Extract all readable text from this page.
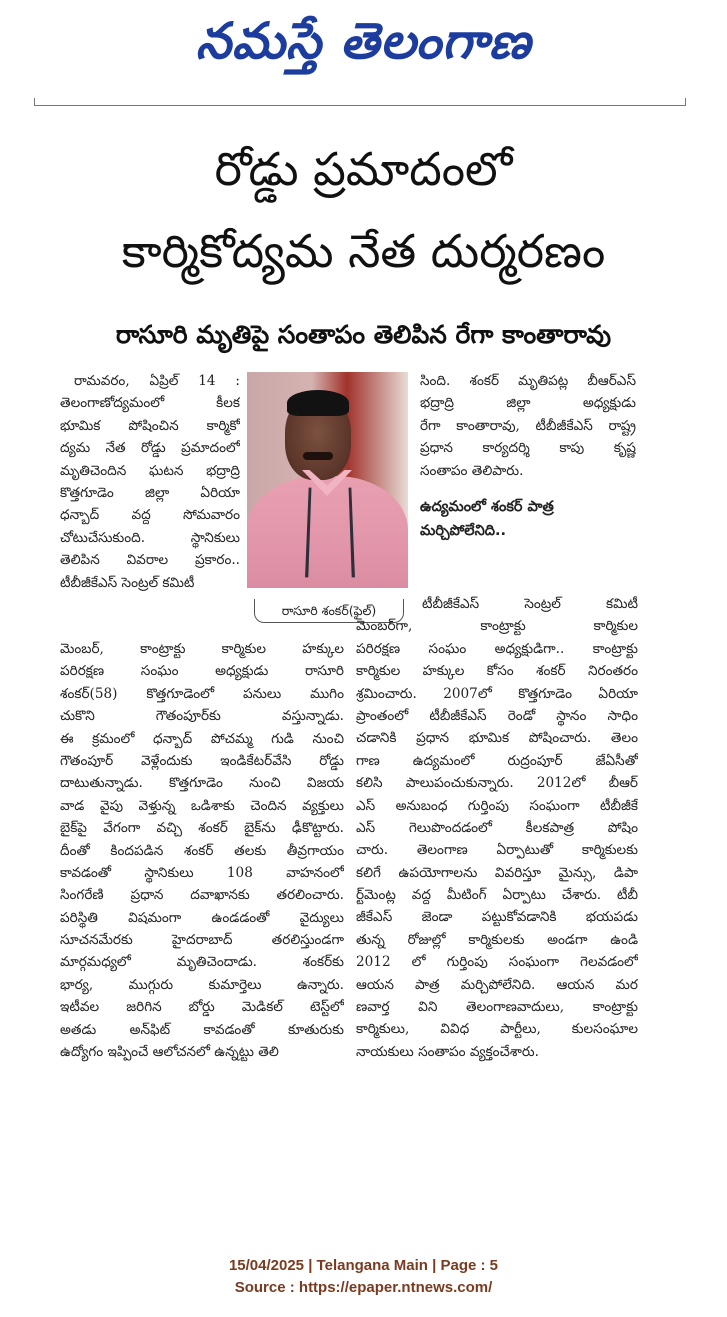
నమస్తే తెలంగాణ
రోడ్డు ప్రమాదంలో
కార్మికోద్యమ నేత దుర్మరణం
రాసూరి మృతిపై సంతాపం తెలిపిన రేగా కాంతారావు
రామవరం, ఏప్రిల్ 14 :
తెలంగాణోద్యమంలో కీలక
భూమిక పోషించిన కార్మికో
ద్యమ నేత రోడ్డు ప్రమాదంలో
మృతిచెందిన ఘటన భద్రాద్రి
కొత్తగూడెం జిల్లా ఏరియా
ధన్బాద్ వద్ద సోమవారం
చోటుచేసుకుంది. స్థానికులు
తెలిపిన వివరాల ప్రకారం..
టీబీజీకేఎస్ సెంట్రల్ కమిటీ
రాసూరి శంకర్(ఫైల్)
మెంబర్, కాంట్రాక్టు కార్మికుల హక్కుల
పరిరక్షణ సంఘం అధ్యక్షుడు రాసూరి
శంకర్(58) కొత్తగూడెంలో పనులు ముగిం
చుకొని గౌతంపూర్‌కు వస్తున్నాడు.
ఈ క్రమంలో ధన్బాద్ పోచమ్మ గుడి నుంచి
గౌతంపూర్ వెళ్లేందుకు ఇండికేటర్‌వేసి రోడ్డు
దాటుతున్నాడు. కొత్తగూడెం నుంచి విజయ
వాడ వైపు వెళ్తున్న ఒడిశాకు చెందిన వ్యక్తులు
బైక్‌పై వేగంగా వచ్చి శంకర్ బైక్‌ను ఢీకొట్టారు.
దీంతో కిందపడిన శంకర్ తలకు తీవ్రగాయం
కావడంతో స్థానికులు 108 వాహనంలో
సింగరేణి ప్రధాన దవాఖానకు తరలించారు.
పరిస్థితి విషమంగా ఉండడంతో వైద్యులు
సూచనమేరకు హైదరాబాద్ తరలిస్తుండగా
మార్గమధ్యలో మృతిచెందాడు. శంకర్‌కు
భార్య, ముగ్గురు కుమార్తెలు ఉన్నారు.
ఇటీవల జరిగిన బోర్డు మెడికల్ టెస్ట్‌లో
అతడు అన్‌ఫిట్ కావడంతో కూతురుకు
ఉద్యోగం ఇప్పించే ఆలోచనలో ఉన్నట్టు తెలి
సింది. శంకర్ మృతిపట్ల బీఆర్‌ఎస్
భద్రాద్రి జిల్లా అధ్యక్షుడు
రేగా కాంతారావు, టీబీజీకేఎస్ రాష్ట్ర
ప్రధాన కార్యదర్శి కాపు కృష్ణ
సంతాపం తెలిపారు.
ఉద్యమంలో శంకర్ పాత్ర
మర్చిపోలేనిది..
టీబీజీకేఎస్ సెంట్రల్ కమిటీ
మెంబర్‌గా, కాంట్రాక్టు కార్మికుల
పరిరక్షణ సంఘం అధ్యక్షుడిగా.. కాంట్రాక్టు
కార్మికుల హక్కుల కోసం శంకర్ నిరంతరం
శ్రమించారు. 2007లో కొత్తగూడెం ఏరియా
ప్రాంతంలో టీబీజీకేఎస్ రెండో స్థానం సాధిం
చడానికి ప్రధాన భూమిక పోషించారు. తెలం
గాణ ఉద్యమంలో రుద్రంపూర్ జేఏసీతో
కలిసి పాలుపంచుకున్నారు. 2012లో బీఆర్
ఎస్ అనుబంధ గుర్తింపు సంఘంగా టీబీజీకే
ఎస్ గెలుపొందడంలో కీలకపాత్ర పోషిం
చారు. తెలంగాణ ఏర్పాటుతో కార్మికులకు
కలిగే ఉపయోగాలను వివరిస్తూ మైన్సు, డిపా
ర్ట్‌మెంట్ల వద్ద మీటింగ్ ఏర్పాటు చేశారు. టీబీ
జీకేఎస్ జెండా పట్టుకోవడానికి భయపడు
తున్న రోజుల్లో కార్మికులకు అండగా ఉండి
2012 లో గుర్తింపు సంఘంగా గెలవడంలో
ఆయన పాత్ర మర్చిపోలేనిది. ఆయన మర
ణవార్త విని తెలంగాణవాదులు, కాంట్రాక్టు
కార్మికులు, వివిధ పార్టీలు, కులసంఘాల
నాయకులు సంతాపం వ్యక్తంచేశారు.
15/04/2025 | Telangana Main | Page : 5
Source : https://epaper.ntnews.com/
